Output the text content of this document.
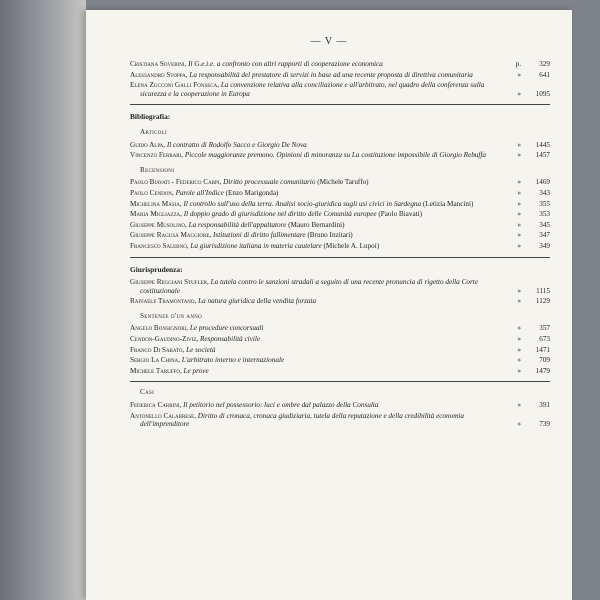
— V —
Cristiana Soverini, Il G.e.i.e. a confronto con altri rapporti di cooperazione economica	p.	329
Alessandro Stoppa, La responsabilità del prestatore di servizi in base ad una recente proposta di direttiva comunitaria	»	641
Elena Zucconi Galli Fonseca, La convenzione relativa alla conciliazione e all'arbitrato, nel quadro della conferenza sulla sicurezza e la cooperazione in Europa	»	1095
Bibliografia:
Articoli
Guido Alpa, Il contratto di Rodolfo Sacco e Giorgio De Nova	»	1445
Vincenzo Ferrari, Piccole maggioranze premono. Opinioni di minoranza su La costituzione impossibile di Giorgio Rebuffa	»	1457
Recensioni
Paolo Biavati - Federico Carpi, Diritto processuale comunitario (Michele Taruffo)	»	1469
Paolo Cendon, Parole all'Indice (Enzo Marigonda)	»	343
Michelina Masia, Il controllo sull'uso della terra. Analisi socio-giuridica sugli usi civici in Sardegna (Letizia Mancini)	»	355
Maria Migliazza, Il doppio grado di giurisdizione nel diritto delle Comunità europee (Paolo Biavati)	»	353
Giuseppe Musolino, La responsabilità dell'appaltatore (Mauro Bernardini)	»	345
Giuseppe Ragusa Maggiore, Istituzioni di diritto fallimentare (Bruno Inzitari)	»	347
Francesco Salerno, La giurisdizione italiana in materia cautelare (Michele A. Lupoi)	»	349
Giurisprudenza:
Giuseppe Reggiani Stufler, La tutela contro le sanzioni stradali a seguito di una recente pronuncia di rigetto della Corte costituzionale	»	1115
Raffaele Tramontano, La natura giuridica della vendita forzata	»	1129
Sentenze d'un anno
Angelo Bonsignori, Le procedure concorsuali	»	357
Cendon-Gaudino-Ziviz, Responsabilità civile	»	673
Franco Di Sabato, Le società	»	1471
Sergio La China, L'arbitrato interno e internazionale	»	709
Michele Taruffo, Le prove	»	1479
Casi
Federica Carrini, Il petitorio nel possessorio: luci e ombre dal palazzo della Consulta	»	391
Antonello Calabrese, Diritto di cronaca, cronaca giudiziaria, tutela della reputazione e della credibilità economia dell'imprenditore	»	739
